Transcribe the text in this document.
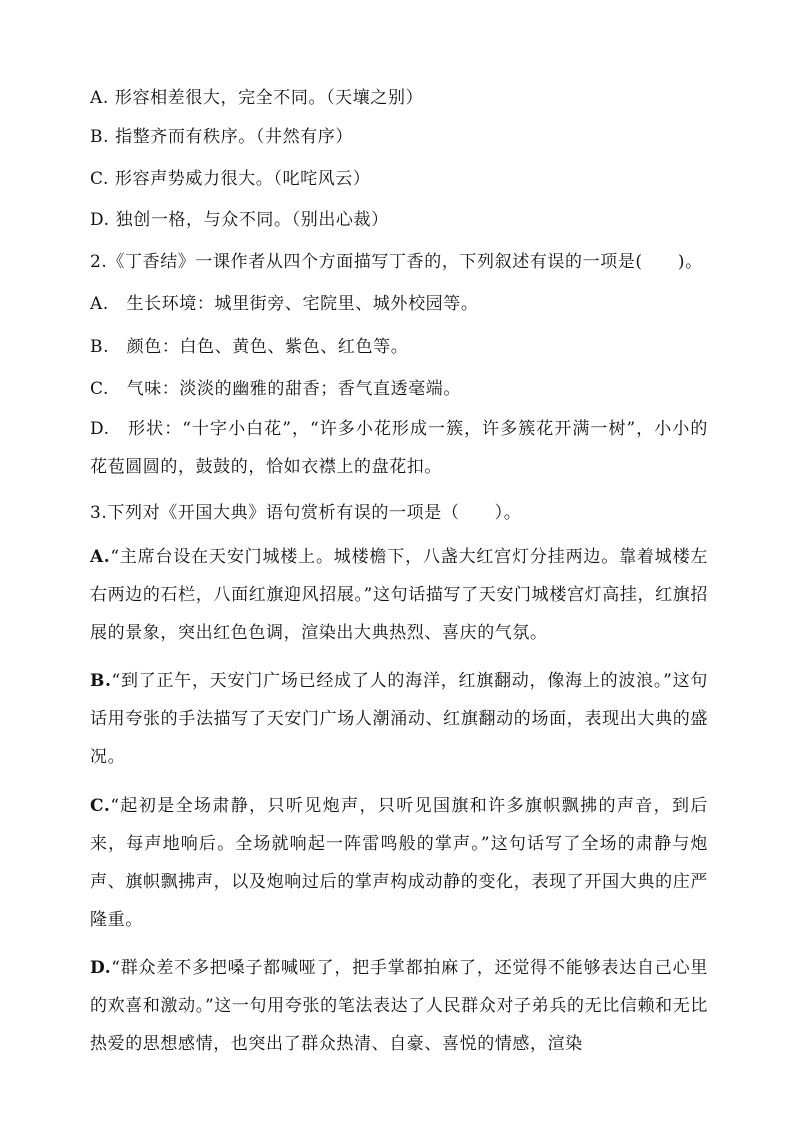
A. 形容相差很大，完全不同。（天壤之别）
B. 指整齐而有秩序。（井然有序）
C. 形容声势威力很大。（叱咤风云）
D. 独创一格，与众不同。（别出心裁）
2.《丁香结》一课作者从四个方面描写丁香的，下列叙述有误的一项是(　　)。
A.　生长环境：城里街旁、宅院里、城外校园等。
B.　颜色：白色、黄色、紫色、红色等。
C.　气味：淡淡的幽雅的甜香；香气直透毫端。
D.　形状：“十字小白花”，“许多小花形成一簇，许多簇花开满一树”，小小的花苞圆圆的，鼓鼓的，恰如衣襟上的盘花扣。
3.下列对《开国大典》语句赏析有误的一项是（　　）。
A.“主席台设在天安门城楼上。城楼檐下，八盏大红宫灯分挂两边。靠着城楼左右两边的石栏，八面红旗迎风招展。”这句话描写了天安门城楼宫灯高挂，红旗招展的景象，突出红色色调，渲染出大典热烈、喜庆的气氛。
B.“到了正午，天安门广场已经成了人的海洋，红旗翻动，像海上的波浪。”这句话用夸张的手法描写了天安门广场人潮涌动、红旗翻动的场面，表现出大典的盛况。
C.“起初是全场肃静，只听见炮声，只听见国旗和许多旗帜飘拂的声音，到后来，每声地响后。全场就响起一阵雷鸣般的掌声。”这句话写了全场的肃静与炮声、旗帜飘拂声，以及炮响过后的掌声构成动静的变化，表现了开国大典的庄严隆重。
D.“群众差不多把嗓子都喊哑了，把手掌都拍麻了，还觉得不能够表达自己心里的欢喜和激动。”这一句用夸张的笔法表达了人民群众对子弟兵的无比信赖和无比热爱的思想感情，也突出了群众热清、自豪、喜悦的情感，渲染
